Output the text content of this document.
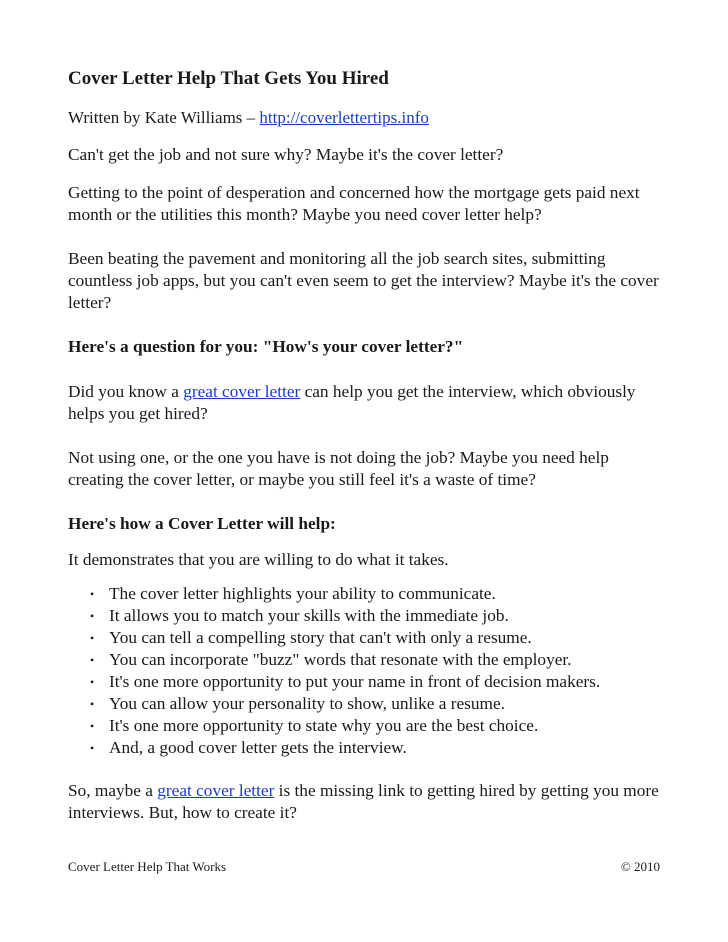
Cover Letter Help That Gets You Hired
Written by Kate Williams – http://coverlettertips.info

Can't get the job and not sure why? Maybe it's the cover letter?

Getting to the point of desperation and concerned how the mortgage gets paid next month or the utilities this month? Maybe you need cover letter help?

Been beating the pavement and monitoring all the job search sites, submitting countless job apps, but you can't even seem to get the interview? Maybe it's the cover letter?

Here's a question for you: "How's your cover letter?"

Did you know a great cover letter can help you get the interview, which obviously helps you get hired?

Not using one, or the one you have is not doing the job? Maybe you need help creating the cover letter, or maybe you still feel it's a waste of time?

Here's how a Cover Letter will help:

It demonstrates that you are willing to do what it takes.

• The cover letter highlights your ability to communicate.
• It allows you to match your skills with the immediate job.
• You can tell a compelling story that can't with only a resume.
• You can incorporate "buzz" words that resonate with the employer.
• It's one more opportunity to put your name in front of decision makers.
• You can allow your personality to show, unlike a resume.
• It's one more opportunity to state why you are the best choice.
• And, a good cover letter gets the interview.

So, maybe a great cover letter is the missing link to getting hired by getting you more interviews. But, how to create it?

Cover Letter Help That Works	© 2010
